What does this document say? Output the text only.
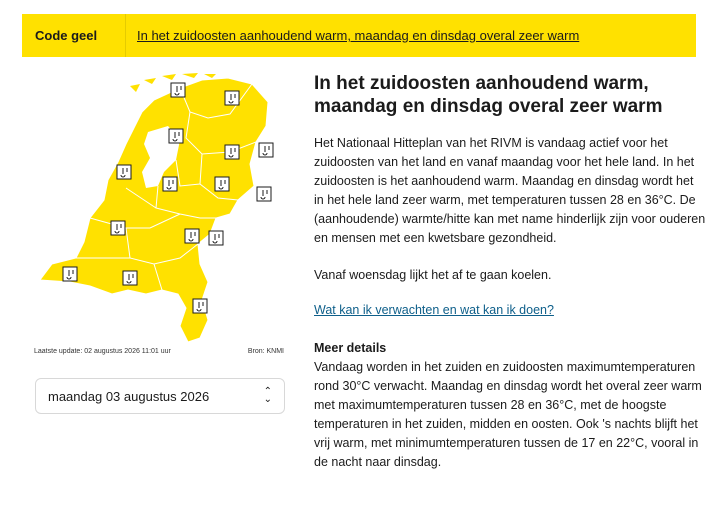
Code geel	In het zuidoosten aanhoudend warm, maandag en dinsdag overal zeer warm
Laatste update: 02 augustus 2026 11:01 uur	Bron: KNMI
maandag 03 augustus 2026	⌃
⌄
In het zuidoosten aanhoudend warm, maandag en dinsdag overal zeer warm

Het Nationaal Hitteplan van het RIVM is vandaag actief voor het zuidoosten van het land en vanaf maandag voor het hele land. In het zuidoosten is het aanhoudend warm. Maandag en dinsdag wordt het in het hele land zeer warm, met temperaturen tussen 28 en 36°C. De (aanhoudende) warmte/hitte kan met name hinderlijk zijn voor ouderen en mensen met een kwetsbare gezondheid.

Vanaf woensdag lijkt het af te gaan koelen.

Wat kan ik verwachten en wat kan ik doen?
Meer details

Vandaag worden in het zuiden en zuidoosten maximumtemperaturen rond 30°C verwacht. Maandag en dinsdag wordt het overal zeer warm met maximumtemperaturen tussen 28 en 36°C, met de hoogste temperaturen in het zuiden, midden en oosten. Ook 's nachts blijft het vrij warm, met minimumtemperaturen tussen de 17 en 22°C, vooral in de nacht naar dinsdag.
